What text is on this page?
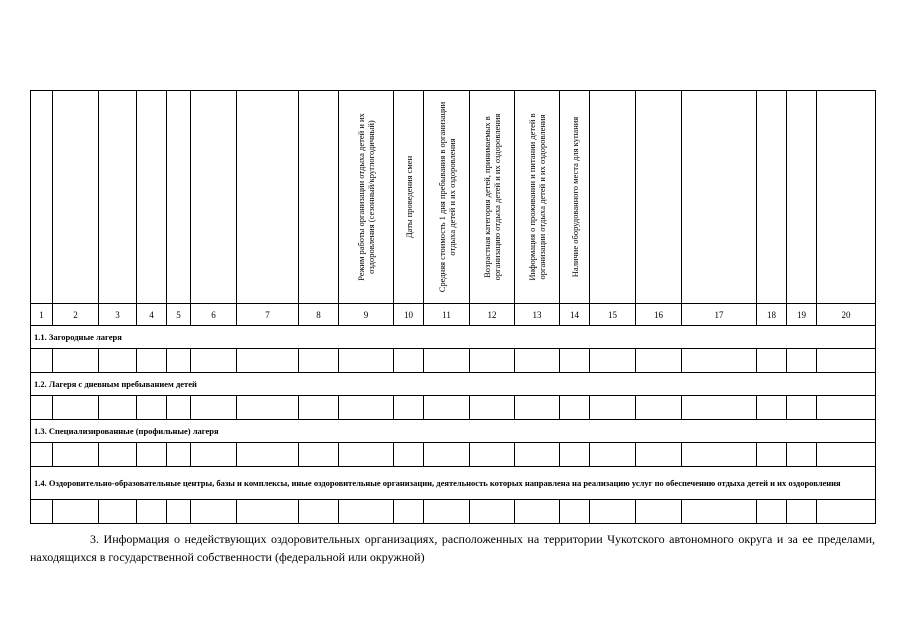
								Режим работы организации отдыха детей и их оздоровления (сезонный/круглогодичный)	Даты проведения смен	Средняя стоимость 1 дня пребывания в организации отдыха детей и их оздоровления	Возрастная категория детей, принимаемых в организацию отдыха детей и их оздоровления	Информация о проживании и питании детей в организации отдыха детей и их оздоровления	Наличие оборудованного места для купания						

1	2	3	4	5	6	7	8	9	10	11	12	13	14	15	16	17	18	19	20
1.1. Загородные лагеря																			

1.2. Лагеря с дневным пребыванием детей																			

1.3. Специализированные (профильные) лагеря																			

1.4. Оздоровительно-образовательные центры, базы и комплексы, иные оздоровительные организации, деятельность которых направлена на реализацию услуг по обеспечению отдыха детей и их оздоровления																			

3. Информация о недействующих оздоровительных организациях, расположенных на территории Чукотского автономного округа и за ее пределами, находящихся в государственной собственности (федеральной или окружной)
